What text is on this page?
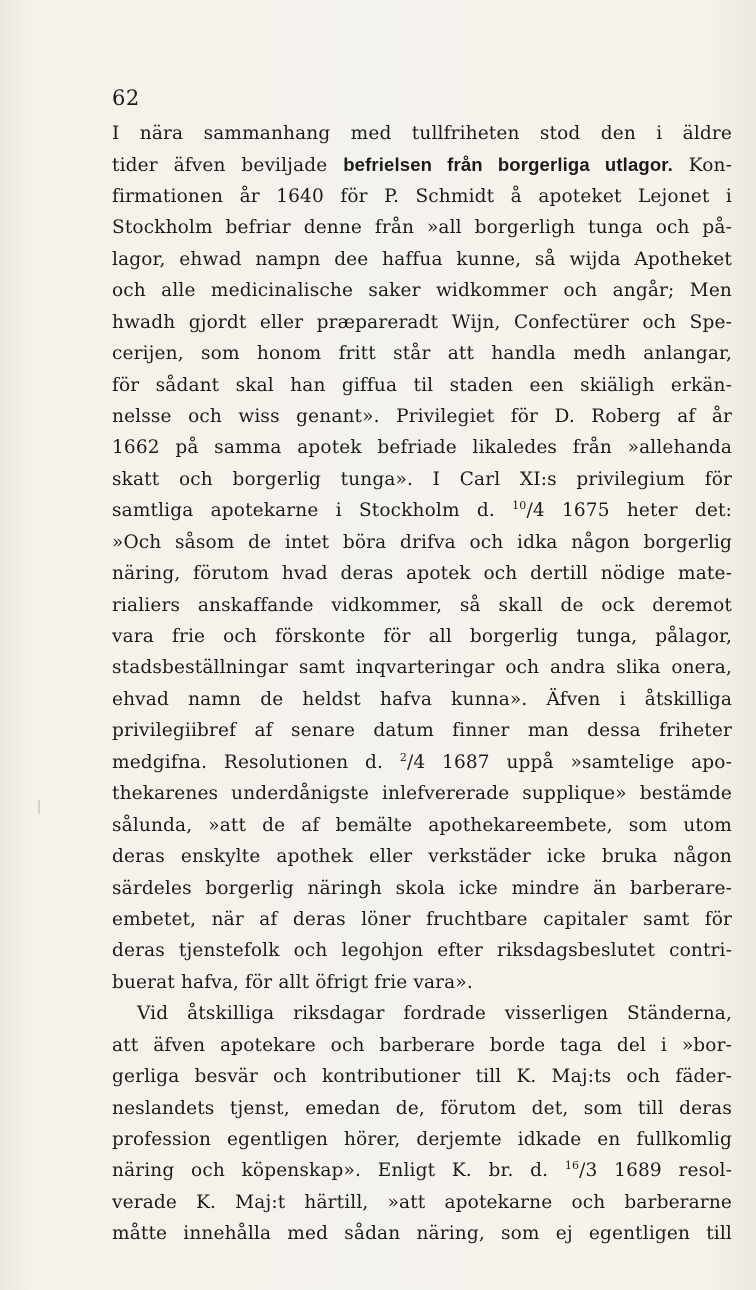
62
I nära sammanhang med tullfriheten stod den i äldre
tider äfven beviljade befrielsen från borgerliga utlagor. Kon-
firmationen år 1640 för P. Schmidt å apoteket Lejonet i
Stockholm befriar denne från »all borgerligh tunga och på-
lagor, ehwad nampn dee haffua kunne, så wijda Apotheket
och alle medicinalische saker widkommer och angår; Men
hwadh gjordt eller præpareradt Wijn, Confectürer och Spe-
cerijen, som honom fritt står att handla medh anlangar,
för sådant skal han giffua til staden een skiäligh erkän-
nelsse och wiss genant». Privilegiet för D. Roberg af år
1662 på samma apotek befriade likaledes från »allehanda
skatt och borgerlig tunga». I Carl XI:s privilegium för
samtliga apotekarne i Stockholm d. $^{10}$/4 1675 heter det:
»Och såsom de intet böra drifva och idka någon borgerlig
näring, förutom hvad deras apotek och dertill nödige mate-
rialiers anskaffande vidkommer, så skall de ock deremot
vara frie och förskonte för all borgerlig tunga, pålagor,
stadsbeställningar samt inqvarteringar och andra slika onera,
ehvad namn de heldst hafva kunna». Äfven i åtskilliga
privilegiibref af senare datum finner man dessa friheter
medgifna. Resolutionen d. $^2$/4 1687 uppå »samtelige apo-
thekarenes underdånigste inlefvererade supplique» bestämde
sålunda, »att de af bemälte apothekareembete, som utom
deras enskylte apothek eller verkstäder icke bruka någon
särdeles borgerlig näringh skola icke mindre än barberare-
embetet, när af deras löner fruchtbare capitaler samt för
deras tjenstefolk och legohjon efter riksdagsbeslutet contri-
buerat hafva, för allt öfrigt frie vara».
Vid åtskilliga riksdagar fordrade visserligen Ständerna,
att äfven apotekare och barberare borde taga del i »bor-
gerliga besvär och kontributioner till K. Maj:ts och fäder-
neslandets tjenst, emedan de, förutom det, som till deras
profession egentligen hörer, derjemte idkade en fullkomlig
näring och köpenskap». Enligt K. br. d. $^{16}$/3 1689 resol-
verade K. Maj:t härtill, »att apotekarne och barberarne
måtte innehålla med sådan näring, som ej egentligen till
